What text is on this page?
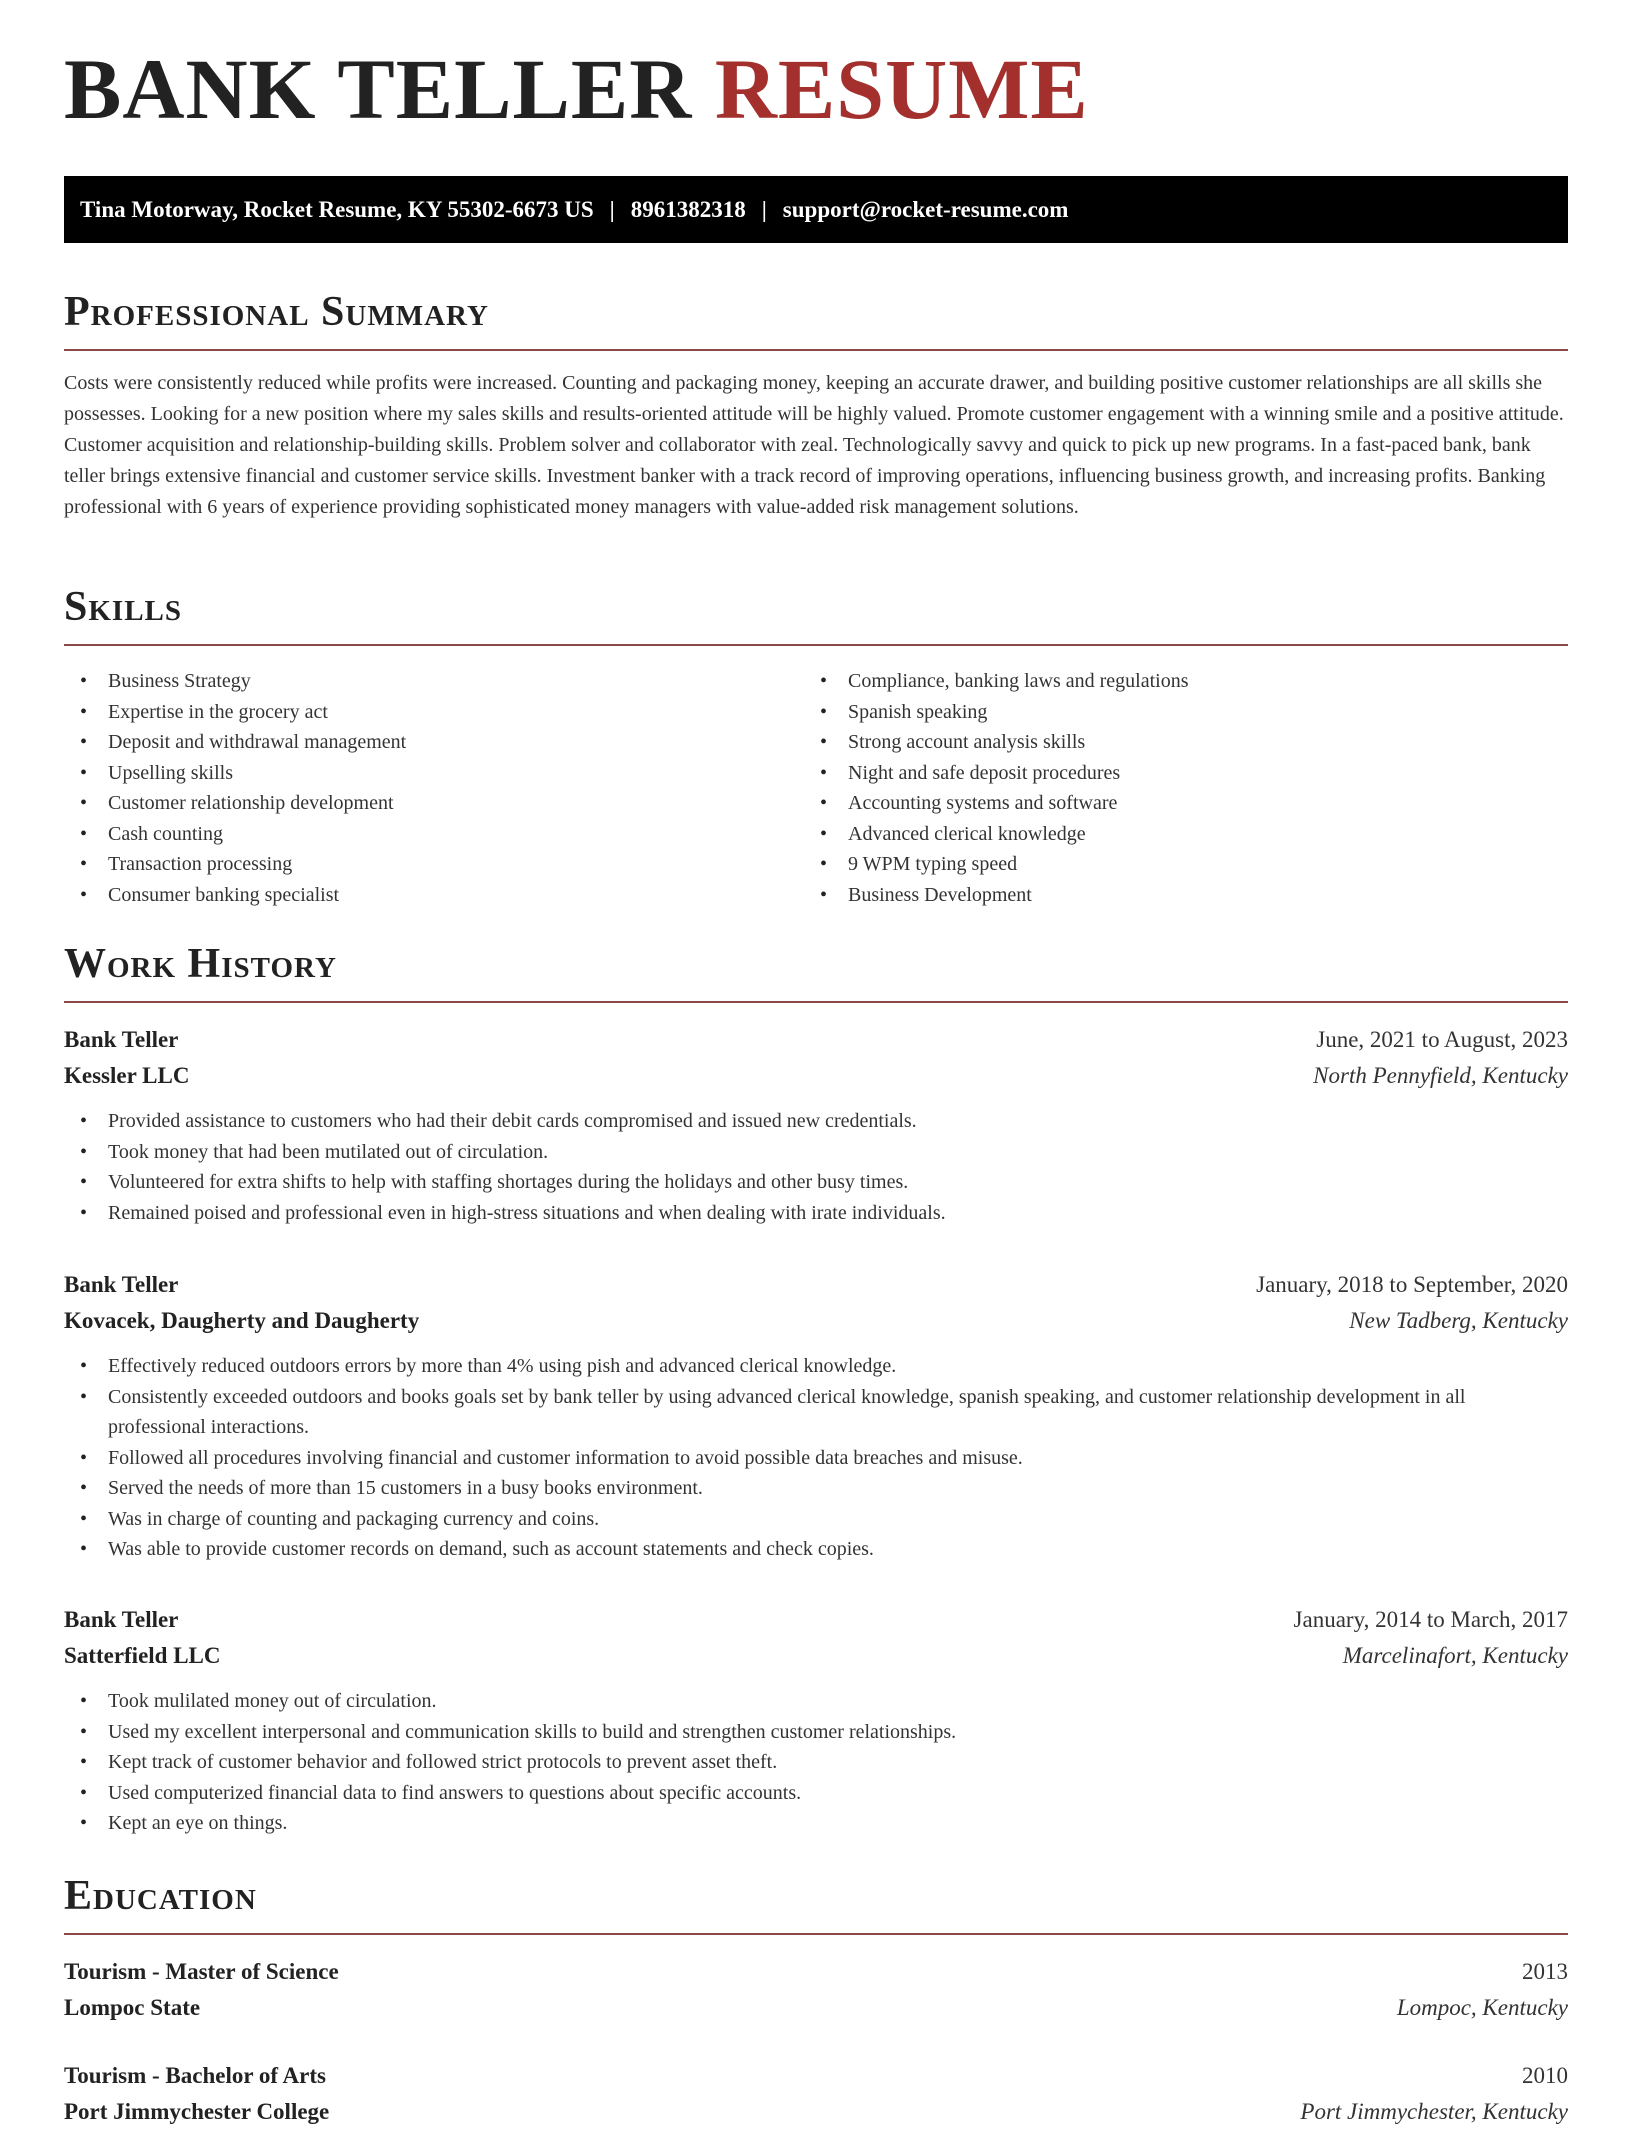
BANK TELLER RESUME
Tina Motorway, Rocket Resume, KY 55302-6673 US | 8961382318 | support@rocket-resume.com
Professional Summary

Costs were consistently reduced while profits were increased. Counting and packaging money, keeping an accurate drawer, and building positive customer relationships are all skills she possesses. Looking for a new position where my sales skills and results-oriented attitude will be highly valued. Promote customer engagement with a winning smile and a positive attitude. Customer acquisition and relationship-building skills. Problem solver and collaborator with zeal. Technologically savvy and quick to pick up new programs. In a fast-paced bank, bank teller brings extensive financial and customer service skills. Investment banker with a track record of improving operations, influencing business growth, and increasing profits. Banking professional with 6 years of experience providing sophisticated money managers with value-added risk management solutions.

Skills
• Business Strategy
• Expertise in the grocery act
• Deposit and withdrawal management
• Upselling skills
• Customer relationship development
• Cash counting
• Transaction processing
• Consumer banking specialist
• Compliance, banking laws and regulations
• Spanish speaking
• Strong account analysis skills
• Night and safe deposit procedures
• Accounting systems and software
• Advanced clerical knowledge
• 9 WPM typing speed
• Business Development
Work History
Bank Teller	June, 2021 to August, 2023
Kessler LLC	North Pennyfield, Kentucky
• Provided assistance to customers who had their debit cards compromised and issued new credentials.
• Took money that had been mutilated out of circulation.
• Volunteered for extra shifts to help with staffing shortages during the holidays and other busy times.
• Remained poised and professional even in high-stress situations and when dealing with irate individuals.
Bank Teller	January, 2018 to September, 2020
Kovacek, Daugherty and Daugherty	New Tadberg, Kentucky
• Effectively reduced outdoors errors by more than 4% using pish and advanced clerical knowledge.
• Consistently exceeded outdoors and books goals set by bank teller by using advanced clerical knowledge, spanish speaking, and customer relationship development in all professional interactions.
• Followed all procedures involving financial and customer information to avoid possible data breaches and misuse.
• Served the needs of more than 15 customers in a busy books environment.
• Was in charge of counting and packaging currency and coins.
• Was able to provide customer records on demand, such as account statements and check copies.
Bank Teller	January, 2014 to March, 2017
Satterfield LLC	Marcelinafort, Kentucky
• Took mulilated money out of circulation.
• Used my excellent interpersonal and communication skills to build and strengthen customer relationships.
• Kept track of customer behavior and followed strict protocols to prevent asset theft.
• Used computerized financial data to find answers to questions about specific accounts.
• Kept an eye on things.
Education
Tourism - Master of Science	2013
Lompoc State	Lompoc, Kentucky
Tourism - Bachelor of Arts	2010
Port Jimmychester College	Port Jimmychester, Kentucky
